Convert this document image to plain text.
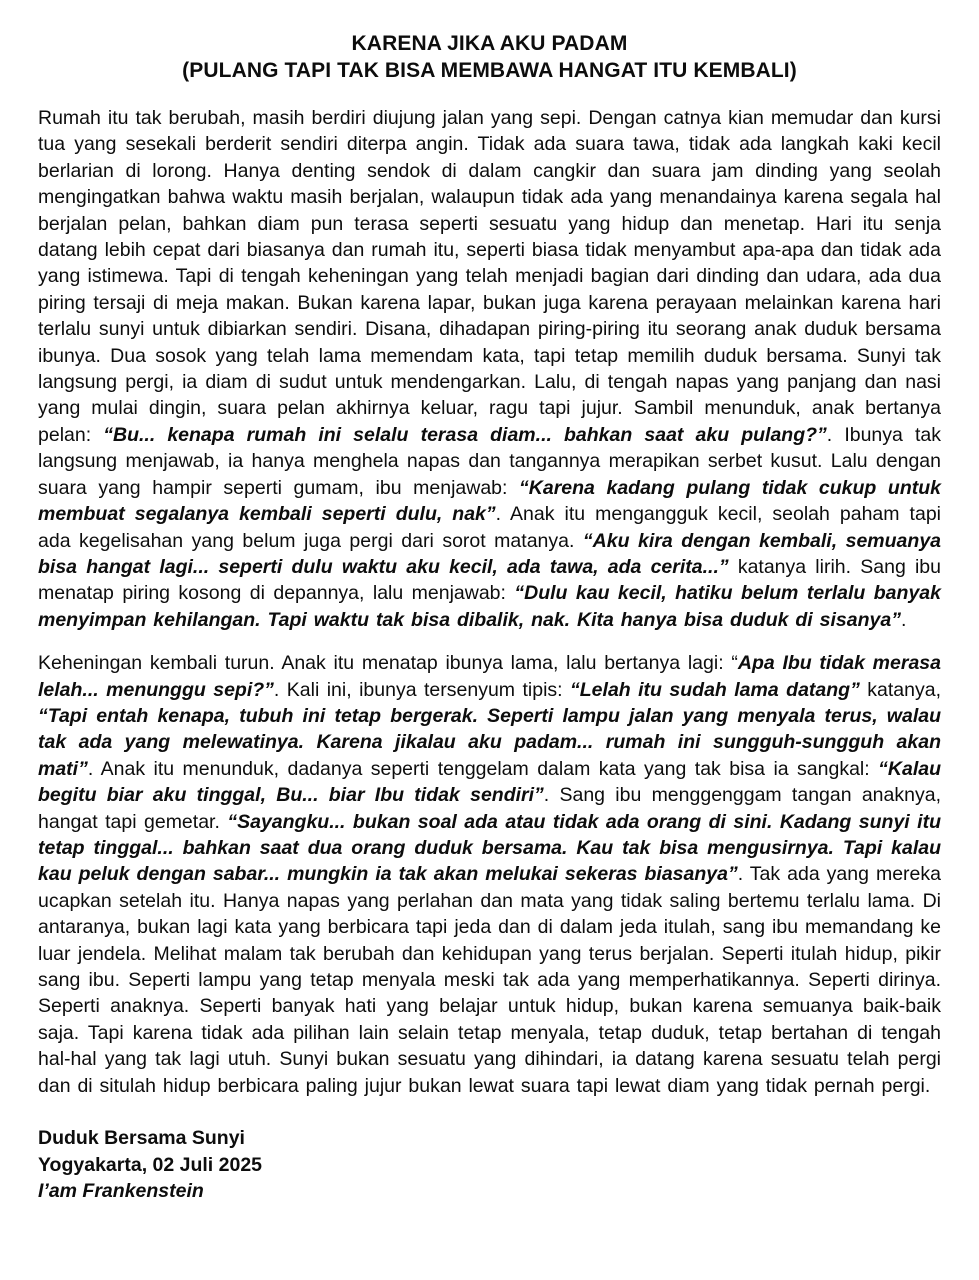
KARENA JIKA AKU PADAM
(PULANG TAPI TAK BISA MEMBAWA HANGAT ITU KEMBALI)

Rumah itu tak berubah, masih berdiri diujung jalan yang sepi. Dengan catnya kian memudar dan kursi tua yang sesekali berderit sendiri diterpa angin. Tidak ada suara tawa, tidak ada langkah kaki kecil berlarian di lorong. Hanya denting sendok di dalam cangkir dan suara jam dinding yang seolah mengingatkan bahwa waktu masih berjalan, walaupun tidak ada yang menandainya karena segala hal berjalan pelan, bahkan diam pun terasa seperti sesuatu yang hidup dan menetap. Hari itu senja datang lebih cepat dari biasanya dan rumah itu, seperti biasa tidak menyambut apa-apa dan tidak ada yang istimewa. Tapi di tengah keheningan yang telah menjadi bagian dari dinding dan udara, ada dua piring tersaji di meja makan. Bukan karena lapar, bukan juga karena perayaan melainkan karena hari terlalu sunyi untuk dibiarkan sendiri. Disana, dihadapan piring-piring itu seorang anak duduk bersama ibunya. Dua sosok yang telah lama memendam kata, tapi tetap memilih duduk bersama. Sunyi tak langsung pergi, ia diam di sudut untuk mendengarkan. Lalu, di tengah napas yang panjang dan nasi yang mulai dingin, suara pelan akhirnya keluar, ragu tapi jujur. Sambil menunduk, anak bertanya pelan: “Bu... kenapa rumah ini selalu terasa diam... bahkan saat aku pulang?”. Ibunya tak langsung menjawab, ia hanya menghela napas dan tangannya merapikan serbet kusut. Lalu dengan suara yang hampir seperti gumam, ibu menjawab: “Karena kadang pulang tidak cukup untuk membuat segalanya kembali seperti dulu, nak”. Anak itu mengangguk kecil, seolah paham tapi ada kegelisahan yang belum juga pergi dari sorot matanya. “Aku kira dengan kembali, semuanya bisa hangat lagi... seperti dulu waktu aku kecil, ada tawa, ada cerita...” katanya lirih. Sang ibu menatap piring kosong di depannya, lalu menjawab: “Dulu kau kecil, hatiku belum terlalu banyak menyimpan kehilangan. Tapi waktu tak bisa dibalik, nak. Kita hanya bisa duduk di sisanya”.

Keheningan kembali turun. Anak itu menatap ibunya lama, lalu bertanya lagi: “Apa Ibu tidak merasa lelah... menunggu sepi?”. Kali ini, ibunya tersenyum tipis: “Lelah itu sudah lama datang” katanya, “Tapi entah kenapa, tubuh ini tetap bergerak. Seperti lampu jalan yang menyala terus, walau tak ada yang melewatinya. Karena jikalau aku padam... rumah ini sungguh-sungguh akan mati”. Anak itu menunduk, dadanya seperti tenggelam dalam kata yang tak bisa ia sangkal: “Kalau begitu biar aku tinggal, Bu... biar Ibu tidak sendiri”. Sang ibu menggenggam tangan anaknya, hangat tapi gemetar. “Sayangku... bukan soal ada atau tidak ada orang di sini. Kadang sunyi itu tetap tinggal... bahkan saat dua orang duduk bersama. Kau tak bisa mengusirnya. Tapi kalau kau peluk dengan sabar... mungkin ia tak akan melukai sekeras biasanya”. Tak ada yang mereka ucapkan setelah itu. Hanya napas yang perlahan dan mata yang tidak saling bertemu terlalu lama. Di antaranya, bukan lagi kata yang berbicara tapi jeda dan di dalam jeda itulah, sang ibu memandang ke luar jendela. Melihat malam tak berubah dan kehidupan yang terus berjalan. Seperti itulah hidup, pikir sang ibu. Seperti lampu yang tetap menyala meski tak ada yang memperhatikannya. Seperti dirinya. Seperti anaknya. Seperti banyak hati yang belajar untuk hidup, bukan karena semuanya baik-baik saja. Tapi karena tidak ada pilihan lain selain tetap menyala, tetap duduk, tetap bertahan di tengah hal-hal yang tak lagi utuh. Sunyi bukan sesuatu yang dihindari, ia datang karena sesuatu telah pergi dan di situlah hidup berbicara paling jujur bukan lewat suara tapi lewat diam yang tidak pernah pergi.

Duduk Bersama Sunyi
Yogyakarta, 02 Juli 2025
I’am Frankenstein
